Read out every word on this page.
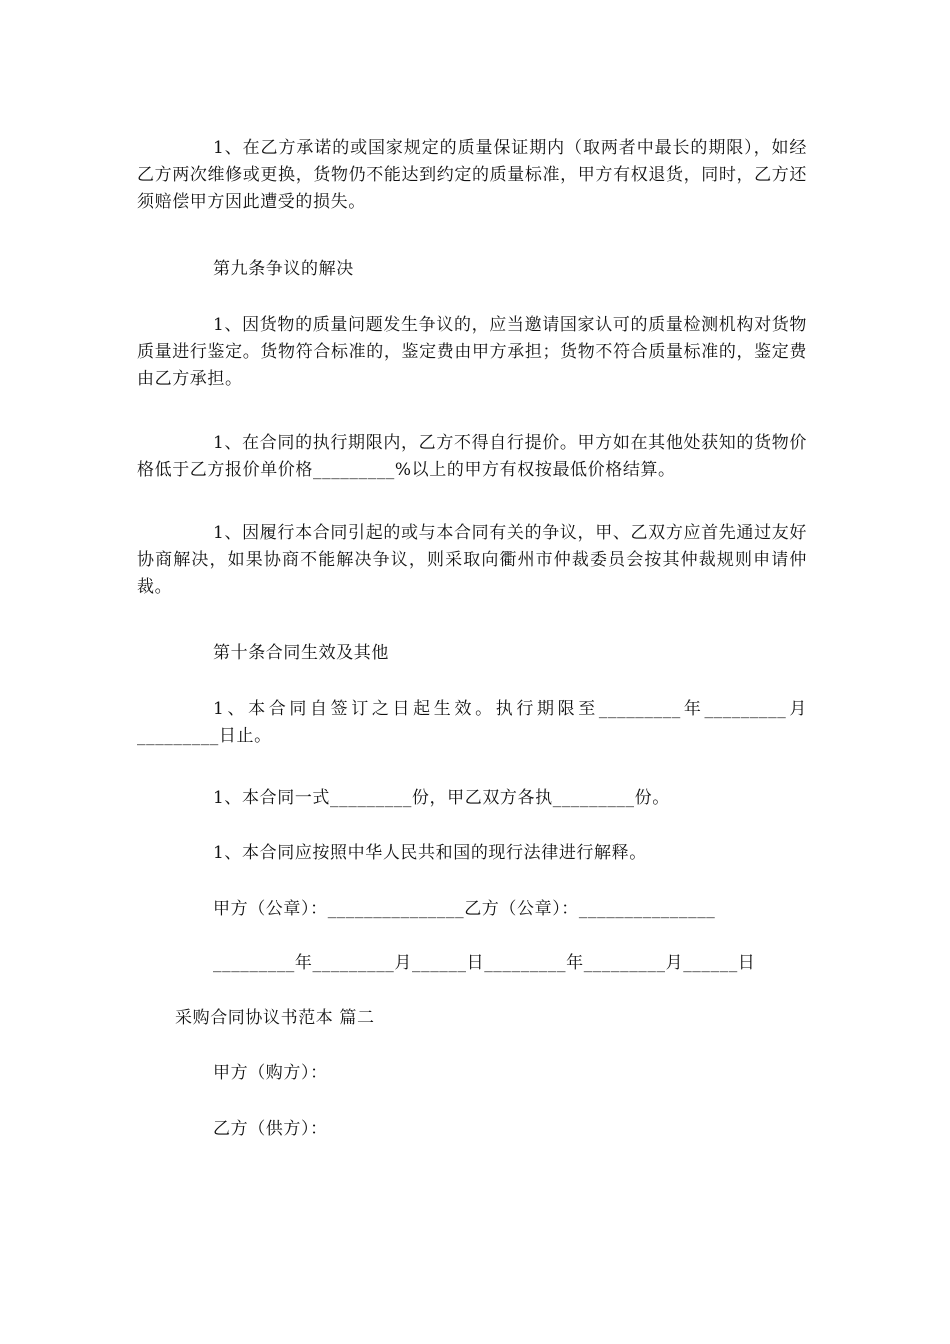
1、在乙方承诺的或国家规定的质量保证期内（取两者中最长的期限），如经乙方两次维修或更换，货物仍不能达到约定的质量标准，甲方有权退货，同时，乙方还须赔偿甲方因此遭受的损失。

第九条争议的解决

1、因货物的质量问题发生争议的，应当邀请国家认可的质量检测机构对货物质量进行鉴定。货物符合标准的，鉴定费由甲方承担；货物不符合质量标准的，鉴定费由乙方承担。

1、在合同的执行期限内，乙方不得自行提价。甲方如在其他处获知的货物价格低于乙方报价单价格_________%以上的甲方有权按最低价格结算。

1、因履行本合同引起的或与本合同有关的争议，甲、乙双方应首先通过友好协商解决，如果协商不能解决争议，则采取向衢州市仲裁委员会按其仲裁规则申请仲裁。

第十条合同生效及其他

1、本合同自签订之日起生效。执行期限至_________年_________月_________日止。

1、本合同一式_________份，甲乙双方各执_________份。

1、本合同应按照中华人民共和国的现行法律进行解释。

甲方（公章）：_______________乙方（公章）：_______________

_________年_________月______日_________年_________月______日

采购合同协议书范本 篇二

甲方（购方）：

乙方（供方）：
